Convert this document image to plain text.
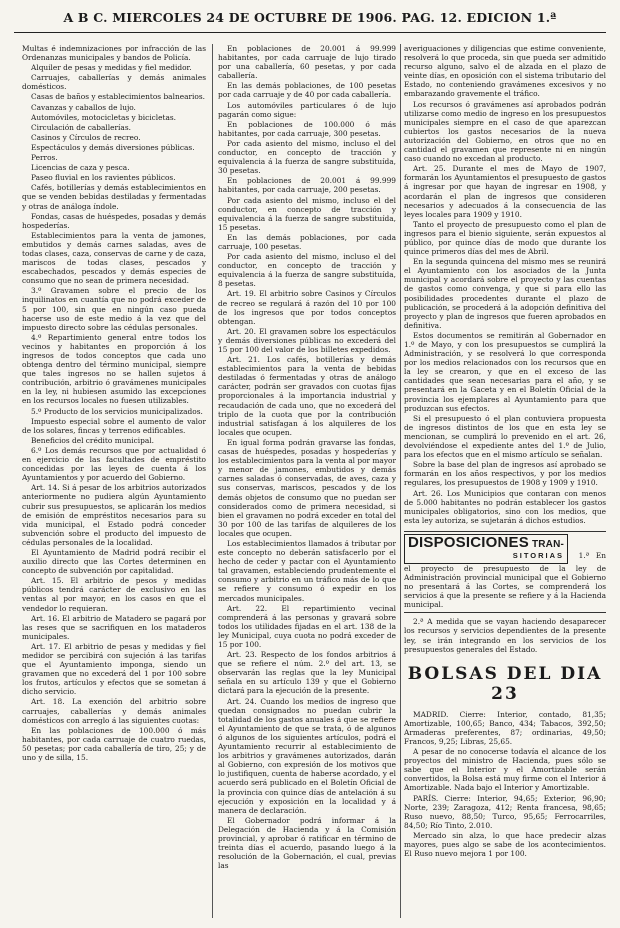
A B C. MIERCOLES 24 DE OCTUBRE DE 1906. PAG. 12. EDICION 1.ª

Multas é indemnizaciones por infracción de las Ordenanzas municipales y bandos de Policía.

Alquiler de pesas y medidas y fiel medidor.

Carruajes, caballerías y demás animales domésticos.

Casas de baños y establecimientos balnearios.

Cavanzas y caballos de lujo.

Automóviles, motocicletas y bicicletas.

Circulación de caballerías.

Casinos y Círculos de recreo.

Espectáculos y demás diversiones públicas.

Perros.

Licencias de caza y pesca.

Paseo fluvial en los ravientes públicos.

Cafés, botillerías y demás establecimientos en que se venden bebidas destiladas y fermentadas y otras de análoga índole.

Fondas, casas de huéspedes, posadas y demás hospederías.

Establecimientos para la venta de jamones, embutidos y demás carnes saladas, aves de todas clases, caza, conservas de carne y de caza, mariscos de todas clases, pescados y escabechados, pescados y demás especies de consumo que no sean de primera necesidad.

3.º Gravamen sobre el precio de los inquilinatos en cuantía que no podrá exceder de 5 por 100, sin que en ningún caso pueda hacerse uso de este medio á la vez que del impuesto directo sobre las cédulas personales.

4.º Repartimiento general entre todos los vecinos y habitantes en proporción á los ingresos de todos conceptos que cada uno obtenga dentro del término municipal, siempre que tales ingresos no se hallen sujetos á contribución, arbitrio ó gravámenes municipales en la ley, ni hubiesen asumido las excepciones en los recursos locales no fuesen utilizables.

5.º Producto de los servicios municipalizados.

Impuesto especial sobre el aumento de valor de los solares, fincas y terrenos edificables.

Beneficios del crédito municipal.

6.º Los demás recursos que por actualidad ó en ejercicio de las facultades de empréstito concedidas por las leyes de cuenta á los Ayuntamientos y por acuerdo del Gobierno.

Art. 14. Si á pesar de los arbitrios autorizados anteriormente no pudiera algún Ayuntamiento cubrir sus presupuestos, se aplicarán los medios de emisión de empréstitos necesarios para su vida municipal, el Estado podrá conceder subvención sobre el producto del impuesto de cédulas personales de la localidad.

El Ayuntamiento de Madrid podrá recibir el auxilio directo que las Cortes determinen en concepto de subvención por capitalidad.

Art. 15. El arbitrio de pesos y medidas públicos tendrá carácter de exclusivo en las ventas al por mayor, en los casos en que el vendedor lo requieran.

Art. 16. El arbitrio de Matadero se pagará por las reses que se sacrifiquen en los mataderos municipales.

Art. 17. El arbitrio de pesas y medidas y fiel medidor se percibirá con sujeción á las tarifas que el Ayuntamiento imponga, siendo un gravamen que no excederá del 1 por 100 sobre los frutos, artículos y efectos que se sometan á dicho servicio.

Art. 18. La exención del arbitrio sobre carruajes, caballerías y demás animales domésticos con arreglo á las siguientes cuotas:

En las poblaciones de 100.000 ó más habitantes, por cada carruaje de cuatro ruedas, 50 pesetas; por cada caballería de tiro, 25; y de uno y de silla, 15.

En poblaciones de 20.001 á 99.999 habitantes, por cada carruaje de lujo tirado por una caballería, 60 pesetas, y por cada caballería.

En las demás poblaciones, de 100 pesetas por cada carruaje y de 40 por cada caballería.

Los automóviles particulares ó de lujo pagarán como sigue:

En poblaciones de 100.000 ó más habitantes, por cada carruaje, 300 pesetas.

Por cada asiento del mismo, incluso el del conductor, en concepto de tracción y equivalencia á la fuerza de sangre substituída, 30 pesetas.

En poblaciones de 20.001 á 99.999 habitantes, por cada carruaje, 200 pesetas.

Por cada asiento del mismo, incluso el del conductor, en concepto de tracción y equivalencia á la fuerza de sangre substituída, 15 pesetas.

En las demás poblaciones, por cada carruaje, 100 pesetas.

Por cada asiento del mismo, incluso el del conductor, en concepto de tracción y equivalencia á la fuerza de sangre substituída, 8 pesetas.

Art. 19. El arbitrio sobre Casinos y Círculos de recreo se regulará á razón del 10 por 100 de los ingresos que por todos conceptos obtengan.

Art. 20. El gravamen sobre los espectáculos y demás diversiones públicas no excederá del 15 por 100 del valor de los billetes expedidos.

Art. 21. Los cafés, botillerías y demás establecimientos para la venta de bebidas destiladas ó fermentadas y otras de análogo carácter, podrán ser gravados con cuotas fijas proporcionales á la importancia industrial y recaudación de cada uno, que no excederá del triplo de la cuota que por la contribución industrial satisfagan á los alquileres de los locales que ocupen.

En igual forma podrán gravarse las fondas, casas de huéspedes, posadas y hospederías y los establecimientos para la venta al por mayor y menor de jamones, embutidos y demás carnes saladas ó conservadas, de aves, caza y sus conservas, mariscos, pescados y de los demás objetos de consumo que no puedan ser considerados como de primera necesidad, si bien el gravamen no podrá exceder en total del 30 por 100 de las tarifas de alquileres de los locales que ocupen.

Los establecimientos llamados á tributar por este concepto no deberán satisfacerlo por el hecho de ceder y pactar con el Ayuntamiento tal gravamen, estableciendo prudentemente el consumo y arbitrio en un tráfico más de lo que se refiere y consumo ó expedir en los mercados municipales.

Art. 22. El repartimiento vecinal comprenderá á las personas y gravará sobre todos los utilidades fijadas en el art. 138 de la ley Municipal, cuya cuota no podrá exceder de 15 por 100.

Art. 23. Respecto de los fondos arbitrios á que se refiere el núm. 2.º del art. 13, se observarán las reglas que la ley Municipal señala en su artículo 139 y que el Gobierno dictará para la ejecución de la presente.

Art. 24. Cuando los medios de ingreso que quedan consignados no puedan cubrir la totalidad de los gastos anuales á que se refiere el Ayuntamiento de que se trata, ó de algunos ó algunos de los siguientes artículos, podrá el Ayuntamiento recurrir al establecimiento de los arbitrios y gravámenes autorizados, darán al Gobierno, con expresión de los motivos que lo justifiquen, cuenta de haberse acordado, y el acuerdo será publicado en el Boletín Oficial de la provincia con quince días de antelación á su ejecución y exposición en la localidad y á manera de declaración.

El Gobernador podrá informar á la Delegación de Hacienda y á la Comisión provincial, y aprobar ó ratificar en término de treinta días el acuerdo, pasando luego á la resolución de la Gobernación, el cual, previas las

averiguaciones y diligencias que estime conveniente, resolverá lo que proceda, sin que pueda ser admitido recurso alguno, salvo el de alzada en el plazo de veinte días, en oposición con el sistema tributario del Estado, no conteniendo gravámenes excesivos y no embarazando gravemente el tráfico.

Los recursos ó gravámenes así aprobados podrán utilizarse como medio de ingreso en los presupuestos municipales siempre en el caso de que aparezcan cubiertos los gastos necesarios de la nueva autorización del Gobierno, en otros que no en cantidad el gravamen que represente ni en ningún caso cuando no excedan al producto.

Art. 25. Durante el mes de Mayo de 1907, formarán los Ayuntamientos el presupuesto de gastos á ingresar por que hayan de ingresar en 1908, y acordarán el plan de ingresos que consideren necesarios y adecuados á la consecuencia de las leyes locales para 1909 y 1910.

Tanto el proyecto de presupuesto como el plan de ingresos para el bienio siguiente, serán expuestos al público, por quince días de modo que durante los quince primeros días del mes de Abril.

En la segunda quincena del mismo mes se reunirá el Ayuntamiento con los asociados de la Junta municipal y acordará sobre el proyecto y las cuentas de gastos como convenga, y que si para ello las posibilidades procedentes durante el plazo de publicación, se procederá á la adopción definitiva del proyecto y plan de ingresos que fueren aprobados en definitiva.

Estos documentos se remitirán al Gobernador en 1.º de Mayo, y con los presupuestos se cumplirá la Administración, y se resolverá lo que corresponda por los medios relacionados con los recursos que en la ley se crearon, y que en el exceso de las cantidades que sean necesarias para el año, y se presentará en la Gaceta y en el Boletín Oficial de la provincia los ejemplares al Ayuntamiento para que produzcan sus efectos.

Si el presupuesto ó el plan contuviera propuesta de ingresos distintos de los que en esta ley se mencionan, se cumplirá lo prevenido en el art. 26, devolviéndose el expediente antes del 1.º de Julio, para los efectos que en el mismo artículo se señalan.

Sobre la base del plan de ingresos así aprobado se formarán en los años respectivos, y por los medios regulares, los presupuestos de 1908 y 1909 y 1910.

Art. 26. Los Municipios que contaran con menos de 5.000 habitantes no podrán establecer los gastos municipales obligatorios, sino con los medios, que esta ley autoriza, se sujetarán á dichos estudios.

DISPOSICIONES TRAN-
SITORIAS 1.ª En el proyecto de presupuesto de la ley de Administración provincial municipal que el Gobierno no presentará á las Cortes, se comprenderá los servicios á que la presente se refiere y á la Hacienda municipal.

2.ª A medida que se vayan haciendo desaparecer los recursos y servicios dependientes de la presente ley, se irán integrando en los servicios de los presupuestos generales del Estado.

BOLSAS DEL DIA 23

MADRID. Cierre: Interior, contado, 81,35; Amortizable, 100,65; Banco, 434; Tabacos, 392,50; Armaderas preferentes, 87; ordinarias, 49,50; Francos, 9,25; Libras, 25,65.

A pesar de no conocerse todavía el alcance de los proyectos del ministro de Hacienda, pues sólo se sabe que el Interior y el Amortizable serán convertidos, la Bolsa está muy firme con el Interior á Amortizable. Nada bajo el Interior y Amortizable.

PARÍS. Cierre: Interior, 94,65; Exterior, 96,90; Norte, 239; Zaragoza, 412; Renta francesa, 98,65; Ruso nuevo, 88,50; Turco, 95,65; Ferrocarriles, 84,50; Río Tinto, 2.010.

Mercado sin alza, lo que hace predecir alzas mayores, pues algo se sabe de los acontecimientos. El Ruso nuevo mejora 1 por 100.
